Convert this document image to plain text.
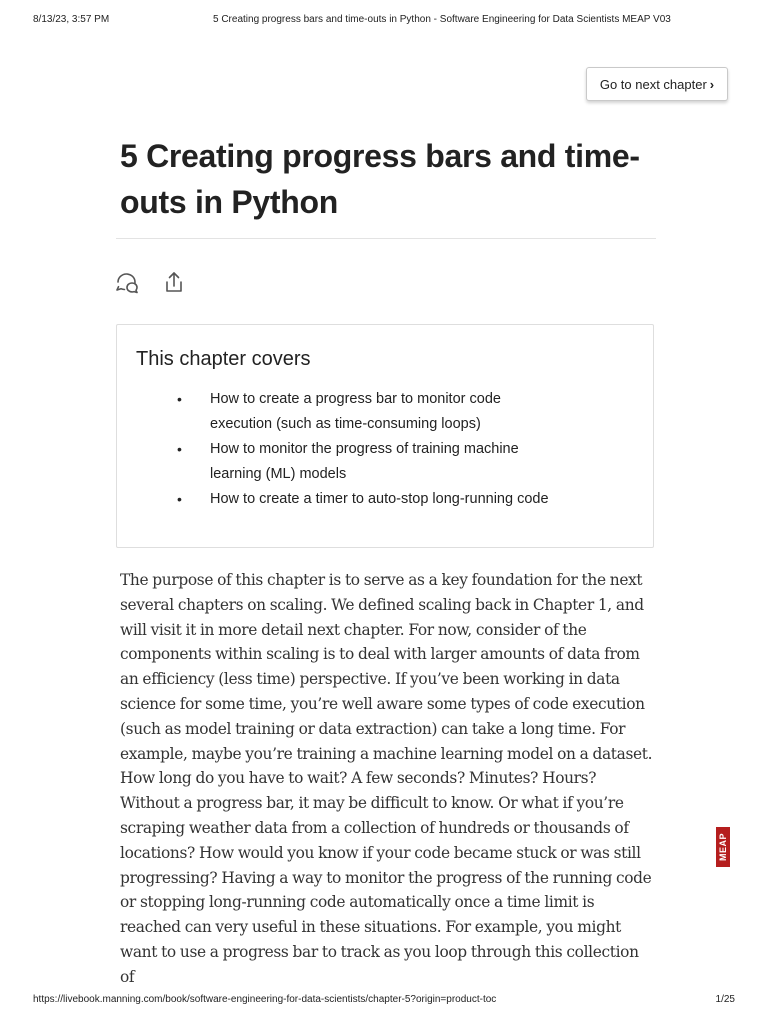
8/13/23, 3:57 PM	5 Creating progress bars and time-outs in Python - Software Engineering for Data Scientists MEAP V03
Go to next chapter ›
5 Creating progress bars and time-outs in Python
This chapter covers
• How to create a progress bar to monitor code execution (such as time-consuming loops)
• How to monitor the progress of training machine learning (ML) models
• How to create a timer to auto-stop long-running code

The purpose of this chapter is to serve as a key foundation for the next several chapters on scaling. We defined scaling back in Chapter 1, and will visit it in more detail next chapter. For now, consider of the components within scaling is to deal with larger amounts of data from an efficiency (less time) perspective. If you’ve been working in data science for some time, you’re well aware some types of code execution (such as model training or data extraction) can take a long time. For example, maybe you’re training a machine learning model on a dataset. How long do you have to wait? A few seconds? Minutes? Hours? Without a progress bar, it may be difficult to know. Or what if you’re scraping weather data from a collection of hundreds or thousands of locations? How would you know if your code became stuck or was still progressing? Having a way to monitor the progress of the running code or stopping long-running code automatically once a time limit is reached can very useful in these situations. For example, you might want to use a progress bar to track as you loop through this collection of

MEAP
https://livebook.manning.com/book/software-engineering-for-data-scientists/chapter-5?origin=product-toc	1/25
